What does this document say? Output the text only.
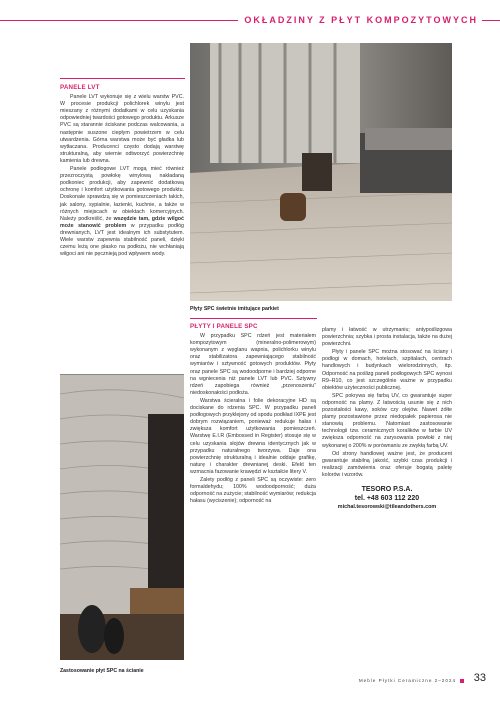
OKŁADZINY Z PŁYT KOMPOZYTOWYCH
PANELE LVT

Panele LVT wykonuje się z wielu warstw PVC. W procesie produkcji polichlorek winylu jest mieszany z różnymi dodatkami w celu uzyskania odpowiedniej twardości gotowego produktu. Arkusze PVC są starannie ściskane podczas walcowania, a następnie suszone ciepłym powietrzem w celu utwardzenia. Górna warstwa może być gładka lub wytłaczana. Producenci często dodają warstwę strukturalną, aby wiernie odtworzyć powierzchnię kamienia lub drewna.

Panele podłogowe LVT mogą mieć również przezroczystą powłokę winylową nakładaną podkoniec produkcji, aby zapewnić dodatkową ochronę i komfort użytkowania gotowego produktu. Doskonale sprawdzą się w pomieszczeniach takich, jak salony, sypialnie, łazienki, kuchnie, a także w różnych miejscach w obiektach komercyjnych. Należy podkreślić, że wszędzie tam, gdzie wilgoć może stanowić problem w przypadku podłóg drewnianych, LVT jest idealnym ich substytutem. Wiele warstw zapewnia stabilność paneli, dzięki czemu leżą one płasko na podłożu, nie wchłaniają wilgoci ani nie pęcznieją pod wpływem wody.

Płyty SPC świetnie imitujące parkiet
Zastosowanie płyt SPC na ścianie
PŁYTY I PANELE SPC

W przypadku SPC rdzeń jest materiałem kompozytowym (mineralno-polimerowym) wykonanym z węglanu wapnia, polichlorku winylu oraz stabilizatora zapewniającego stabilność wymiarów i sztywność gotowych produktów. Płyty oraz panele SPC są wodoodporne i bardziej odporne na wgniecenia niż panele LVT lub PVC. Sztywny rdzeń zapobiega również „przenoszeniu” niedoskonałości podłoża.

Warstwa ścieralna i folie dekoracyjne HD są dociskane do rdzenia SPC. W przypadku paneli podłogowych przyklejony od spodu podkład IXPE jest dobrym rozwiązaniem, ponieważ redukuje hałas i zwiększa komfort użytkowania pomieszczeń. Warstwę E.I.R (Embossed in Register) stosuje się w celu uzyskania słojów drewna identycznych jak w przypadku naturalnego tworzywa. Daje ona powierzchnię strukturalną i idealnie oddaje grafikę, naturę i charakter drewnianej deski. Efekt ten wzmacnia fazowanie krawędzi w kształcie litery V.

Zalety podłóg z paneli SPC są oczywiste: zero formaldehydu; 100% wodoodporność; duża odporność na zużycie; stabilność wymiarów; redukcja hałasu (wyciszenie); odporność na

plamy i łatwość w utrzymaniu; antypoślizgowa powierzchnia; szybka i prosta instalacja, także na dużej powierzchni.

Płyty i panele SPC można stosować na ściany i podłogi w domach, hotelach, szpitalach, centrach handlowych i budynkach wielorodzinnych, itp. Odporność na poślizg paneli podłogowych SPC wynosi R9–R10, co jest szczególnie ważne w przypadku obiektów użyteczności publicznej.

SPC pokrywa się farbą UV, co gwarantuje super odporność na plamy. Z łatwością usunie się z nich pozostałości kawy, soków czy olejów. Nawet żółte plamy pozostawione przez niedopałek papierosa nie stanowią problemu. Natomiast zastosowanie technologii tzw. ceramicznych koralików w farbie UV zwiększa odporność na zarysowania powłoki z niej wykonanej o 200% w porównaniu ze zwykłą farbą UV.

Od strony handlowej ważne jest, że producent gwarantuje stabilną jakość, szybki czas produkcji i realizacji zamówienia oraz oferuje bogatą paletę kolorów i wzorów.

TESORO P.S.A.
tel. +48 603 112 220
michal.tesorowski@tileandothers.com
Meble Płytki Ceramiczne 2–2024 33
